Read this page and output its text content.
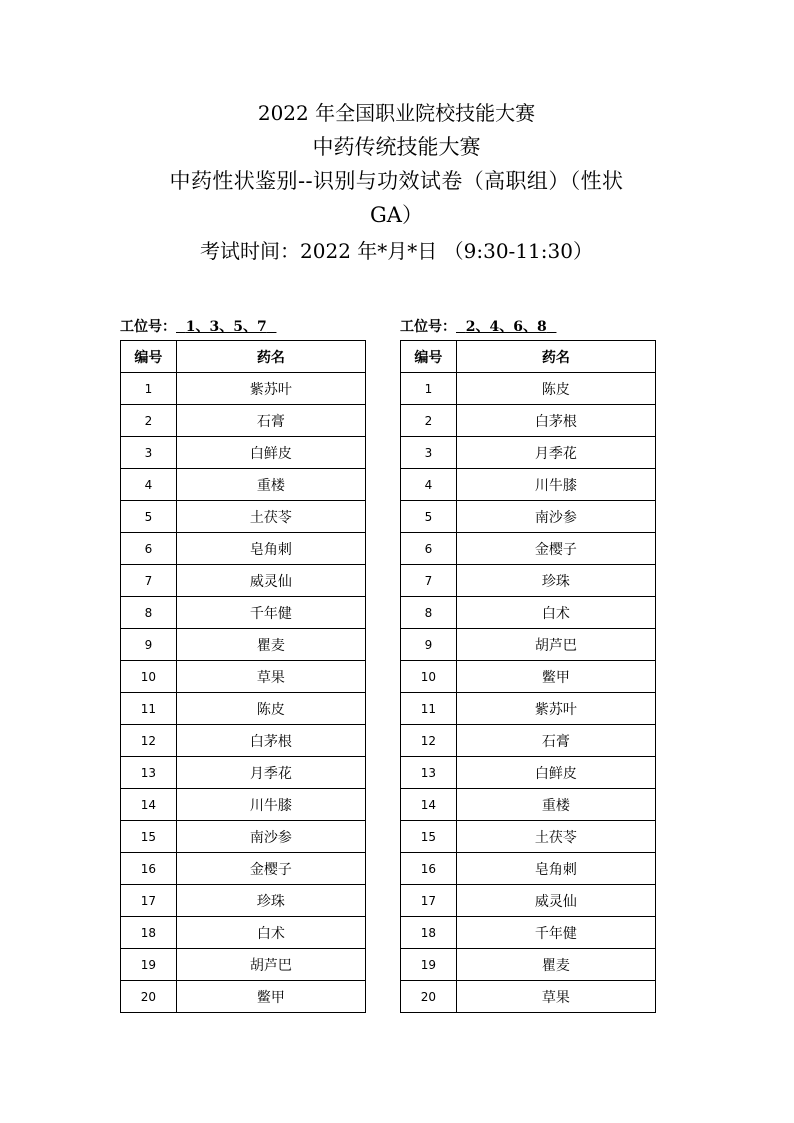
2022 年全国职业院校技能大赛
中药传统技能大赛
中药性状鉴别--识别与功效试卷（高职组）（性状
GA）
考试时间：2022 年*月*日 （9:30-11:30）
工位号： 1、3、5、7
编号	药名
1	紫苏叶
2	石膏
3	白鲜皮
4	重楼
5	土茯苓
6	皂角刺
7	威灵仙
8	千年健
9	瞿麦
10	草果
11	陈皮
12	白茅根
13	月季花
14	川牛膝
15	南沙参
16	金樱子
17	珍珠
18	白术
19	胡芦巴
20	鳖甲
工位号： 2、4、6、8
编号	药名
1	陈皮
2	白茅根
3	月季花
4	川牛膝
5	南沙参
6	金樱子
7	珍珠
8	白术
9	胡芦巴
10	鳖甲
11	紫苏叶
12	石膏
13	白鲜皮
14	重楼
15	土茯苓
16	皂角刺
17	威灵仙
18	千年健
19	瞿麦
20	草果
